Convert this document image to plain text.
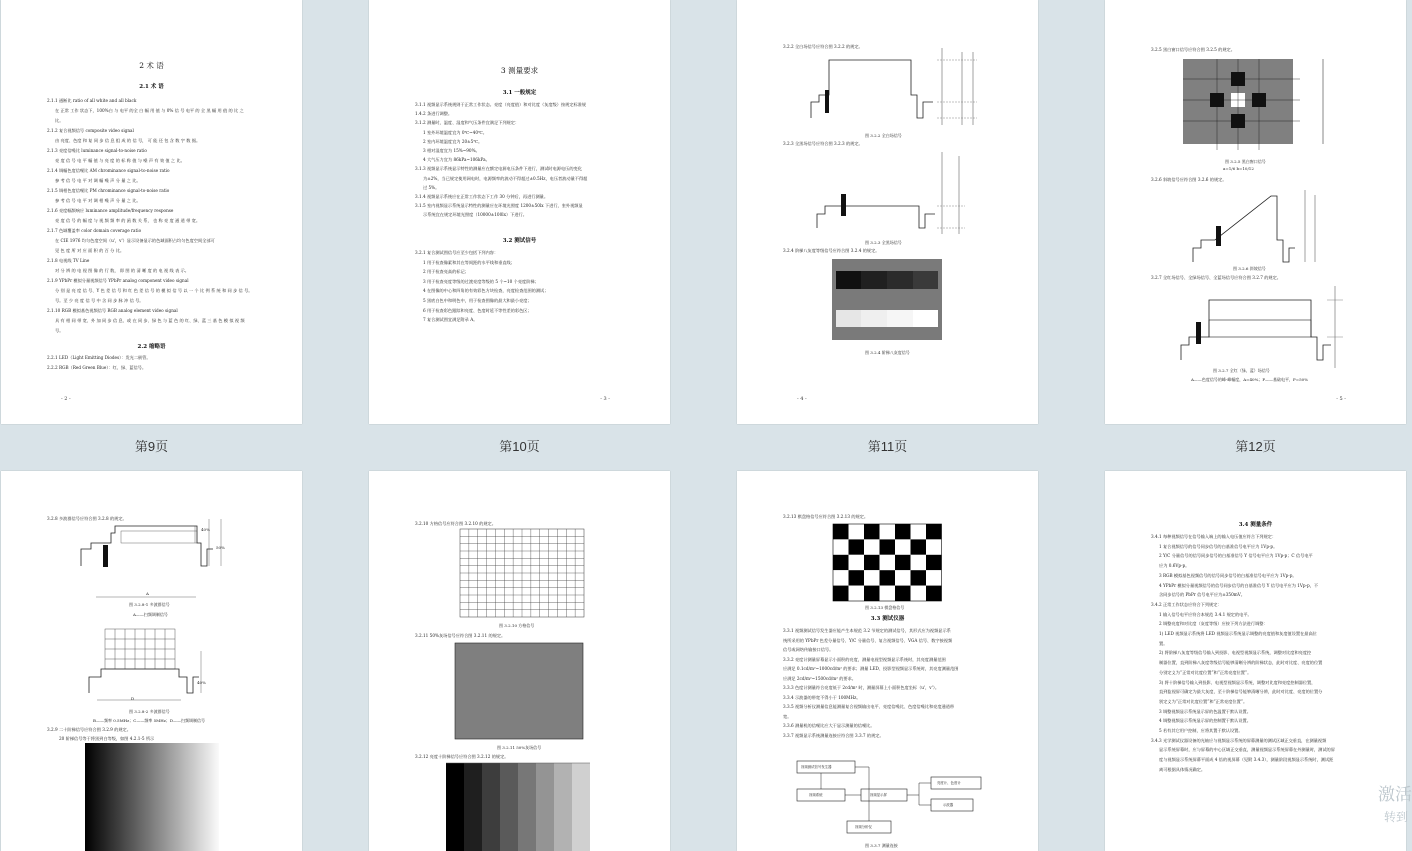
2 术 语
2.1 术 语
2.1.1 通断比 ratio of all white and all black
在 正常 工作 状态下，100%白 与 电平 的全 白 幅 用 值 与 0% 信 号 电平 的 全 黑 幅 用 值 的 比 之
比。
2.1.2 复合视频信号 composite video signal
由 亮度、色度 和 复 同 步 信 息 组 成 的 信 号， 可 能 还 包 含 数 字 数 据。
2.1.3 亮度信噪比 luminance signal-to-noise ratio
亮 度 信 号 电 平 幅 值 与 亮 度 的 标 称 值 与 噪 声 有 效 值 之 比。
2.1.4 调幅色度信噪比 AM chrominance signal-to-noise ratio
参 考 信 号 电 平 对 调 幅 噪 声 分 量 之 比。
2.1.5 调相色度信噪比 PM chrominance signal-to-noise ratio
参 考 信 号 电 平 对 调 相 噪 声 分 量 之 比。
2.1.6 亮度幅频响应 luminance amplitude/frequency response
亮 度 信 号 的 幅 度 与 视 频 频 率 的 函 数 关 系， 也 称 亮 度 通 道 带 宽。
2.1.7 色域覆盖率 color domain coverage ratio
在 CIE 1976 均匀色度空间（u'，v'）显示设备显示的色域面积占均匀色度空间全部可
见 色 度 所 对 应 面 积 的 百 分 比。
2.1.8 电视线 TV Line
对 分 辨 的 电 视 图 像 的 行 数， 即 图 的 清 晰 度 的 电 视 线 表 示。
2.1.9 YPbPr 模拟分量视频信号 YPbPr analog component video signal
分 别 是 亮 度 信 号、Y 色 差 信 号 和 红 色 差 信 号 的 模 拟 信 号 以 一 个 比 例 系 统 和 同 步 信 号。
号。至 少 亮 度 信 号 中 含 同 步 脉 冲 信 号。
2.1.10 RGB 模拟基色视频信号 RGB analog element video signal
具 有 相 同 带 宽、外 加 同 步 信 息、或 在 同 步、绿 色 与 蓝 色 的 红、绿、蓝 三 基 色 模 拟 视 频
号。
2.2 缩略语
2.2.1 LED（Light Emitting Diodes）：发光二极管。
2.2.2 RGB（Red Green Blue）：红、绿、蓝信号。
- 2 -
第9页
3 测量要求
3.1 一般规定
3.1.1 视频显示系统规则于正常工作状态。亮度（亮度值）和对比度（灰度级）按规定标准规
1.4.2 条进行调整。
3.1.2 测量时，温度、湿度和气压条件宜满足下列规定：
1 室外环境温度宜为 0℃~40℃。
2 室内环境温度宜为 20±5℃。
3 相对湿度宜为 15%~90%。
4 大气压力宜为 86kPa~106kPa。
3.1.3 视频显示系统显示特性的测量应在额定电源电压条件下进行，测试时电源电压的变化
为±2%，当已规定使用网电时，电源频率的波动不得超过±0.5Hz，电压者波动量不得超
过 5%。
3.1.4 视频显示系统应在正常工作状态下工作 30 分钟后，再进行测量。
3.1.5 室内视频显示系统显示特性的测量应在环境光照度 1200±50lx 下进行，室外视频显
示系统宜在规定环境光照度（10000±100lx）下进行。
3.2 测试信号
3.2.1 复合测试图信号应至少包括下列内容：
1 用于检查像素和其在等间距的水平线和垂直线；
2 用于检查亮高的标记；
3 用于检查亮度等级的过渡亮度等级的 5 个~10 个亮度阶梯；
4 在图像的中心和四角的有效彩色方块检查，亮度检查范围的测试；
5 黑底白色中和明色中，用于检查图像的最大和最小亮度；
6 用于检查彩色跟踪和亮度、色度时延不等性差的彩色区；
7 复合测试图宜满足附录 A。
- 3 -
第10页
3.2.2 全白场信号应符合图 3.2.2 的规定。
图 3.2.2 全白场信号
3.2.3 全黑场信号应符合图 3.2.3 的规定。
图 3.2.3 全黑场信号
3.2.4 阶梯八灰度等级信号应符合图 3.2.4 的规定。
图 3.2.4 阶梯八灰度信号
- 4 -
第11页
3.2.5 黑白窗口信号应符合图 3.2.5 的规定。
图 3.2.5 黑白窗口信号
a=1/6 b=10/12
3.2.6 斜坡信号应符合图 3.2.6 的规定。
图 3.2.6 斜坡信号
3.2.7 全红场信号、全绿场信号、全蓝场信号应符合图 3.2.7 的规定。
图 3.2.7 全红（绿、蓝）场信号
A——色度信号的峰-峰幅度，A=40%；P——基础电平，P=50%
- 5 -
第12页
3.2.8 多波群信号应符合图 3.2.8 的规定。
40%
50%
A
图 3.2.8-1 多波群信号
A——扫频调制信号
40%
D
图 3.2.8-2 多波群信号
B——频率 0.5MHz；C——频率 5MHz；D——扫频调制信号
3.2.9 二十阶梯信号应符合图 3.2.9 的规定。
20 阶梯信号等于将黑到白等级，如图 4.2.1-5 所示
3.2.10 方格信号应符合图 3.2.10 的规定。
图 3.2.10 方格信号
3.2.11 50%灰场信号应符合图 3.2.11 的规定。
图 3.2.11 50%灰场信号
3.2.12 亮度十阶梯信号应符合图 3.2.12 的规定。
3.2.13 棋盘格信号应符合图 3.2.13 的规定。
图 3.2.13 棋盘格信号
3.3 测试仪器
3.3.1 视频测试信号发生器应能产生本规范 3.2 节规定的测试信号，其形式应为视频显示系
统所采用的 YPbPr 色差分量信号、Y/C 分量信号、复合视频信号、VGA 信号、数字接视频
信号或网络传输接口信号。
3.3.2 亮度计测量屏幕显示小面积的亮度，测量电视型视频显示系统时，其亮度测量范围
应满足 0.1cd/m²~1000cd/m² 的要求；测量 LED、投影型视频显示系统时，其亮度测量范围
应满足 2cd/m²~1500cd/m² 的要求。
3.3.3 色度计测量符合亮度低于 2cd/m² 时，测量屏幕上小面积色度坐标（u'，v'）。
3.3.4 示波器的带宽不得小于 100MHz。
3.3.5 视频分析仪测量信息能测量复合视频输出电平、亮度信噪比、色度信噪比和亮度通道带
宽。
3.3.6 测量机的信噪比应大于显示测量的信噪比。
3.3.7 视频显示系统测量连接应符合图 3.3.7 的规定。
视频测试信号发生器
视频系统	视频显示屏
亮度计、色度计
示波器
视频分析仪
图 3.3.7 测量连接
3.4 测量条件
3.4.1 每种视频信号在信号输入端上的输入电压值应符合下列规定：
1 复合视频信号的信号同步信号的白基准信号电平应为 1Vp-p。
2 Y/C 分量信号的信号同步信号的白基准信号 Y 信号电平应为 1Vp-p；C 信号电平
应为 0.6Vp-p。
3 RGB 模拟基色视频信号的信号同步信号的白基准信号电平应为 1Vp-p。
4 YPbPr 模拟分量视频信号的信号同步信号的白基准信号 Y 信号电平应为 1Vp-p，不
含同步信号的 PbPr 信号电平应为±350mV。
3.4.2 正常工作状态应符合下列规定：
1 输入信号电平应符合本规范 3.4.1 规定的电平。
2 调整亮度和对比度（灰度等级）应按下列方法进行调整：
1) LED 视频显示系统将 LED 视频显示系统显示调整的亮度值和灰度值设置在最高位
置。
2) 将阶梯八灰度等级信号输入到投影、电视型视频显示系统，调整对比度和亮度控
制器位置，直到阶梯八灰度等级信号能够清晰分辨的阶梯状态，此时对比度、亮度的位置
分别定义为“正常对比度位置”和“正常亮度位置”。
3) 将十阶梯信号输入到投影、电视型视频显示系统，调整对比度和亮度控制器位置，
直到监视屏可确定为最大灰度，至十阶梯信号能够清晰分辨，此时对比度、亮度的位置分
别定义为“正常对比度位置”和“正常亮度位置”。
3 调整视频显示系统显示屏的色温置于默认设置。
4 调整视频显示系统显示屏的控制置于默认设置。
5 若有其它用户控制，应将其置于默认设置。
3.4.3 光学测试仪器设备的光轴应与视频显示系统的屏幕测量的测试区域正交垂直，在测量视频
显示系统屏幕时，应与屏幕的中心区域正交垂直，测量视频显示系统屏幕在外测量时，测试的屏
度与视频显示系统屏幕平面成 4 倍的视屏幕（见附 3.4.3），测量阶段视频显示系统时，测试距
离可根据具体情况确定。
激活
转到
